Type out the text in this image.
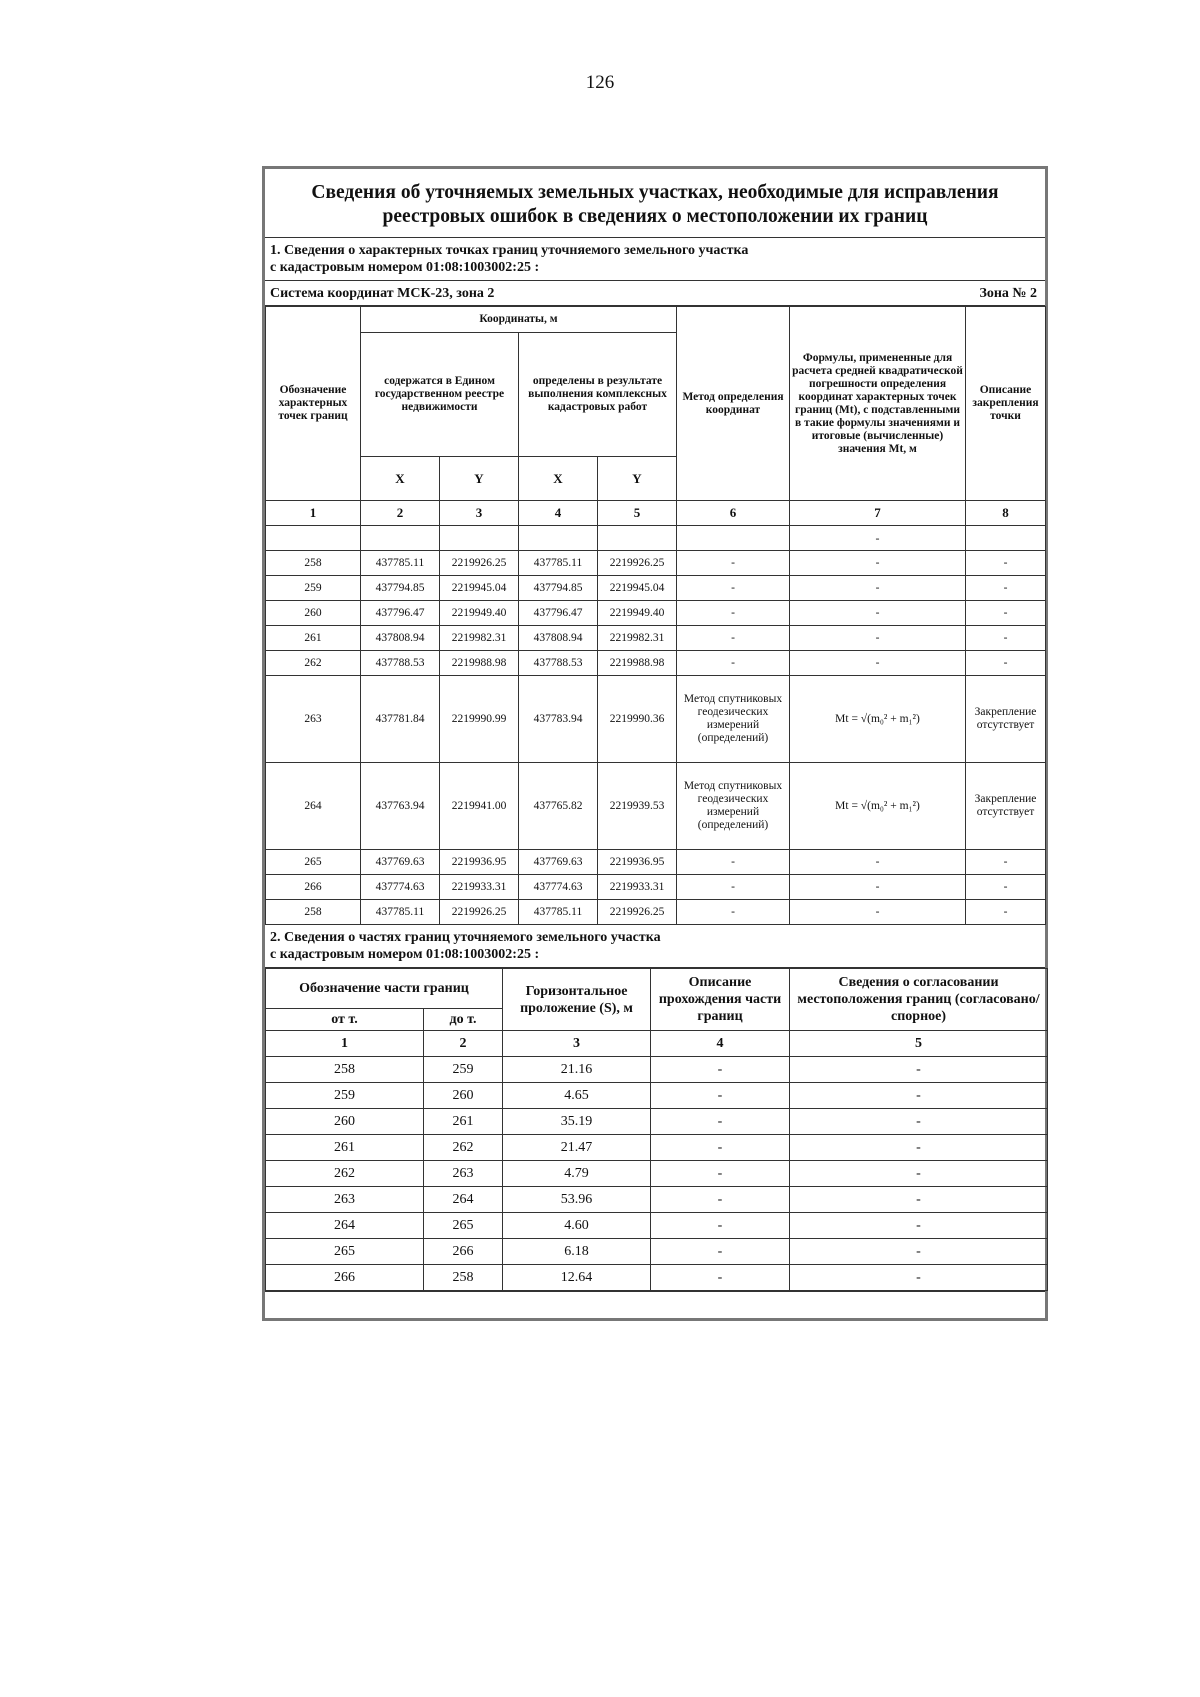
126
Сведения об уточняемых земельных участках, необходимые для исправления реестровых ошибок в сведениях о местоположении их границ
1. Сведения о характерных точках границ уточняемого земельного участка
с кадастровым номером 01:08:1003002:25 :
Система координат МСК-23, зона 2	Зона № 2
Обозначение характерных точек границ	Координаты, м				Метод определения координат	Формулы, примененные для расчета средней квадратической погрешности определения координат характерных точек границ (Mt), с подставленными в такие формулы значениями и итоговые (вычисленные) значения Mt, м	Описание закрепления точки
	содержатся в Едином государственном реестре недвижимости		определены в результате выполнения комплексных кадастровых работ				
	X	Y	X	Y			
1	2	3	4	5	6	7	8
						-	
258	437785.11	2219926.25	437785.11	2219926.25	-	-	-
259	437794.85	2219945.04	437794.85	2219945.04	-	-	-
260	437796.47	2219949.40	437796.47	2219949.40	-	-	-
261	437808.94	2219982.31	437808.94	2219982.31	-	-	-
262	437788.53	2219988.98	437788.53	2219988.98	-	-	-
263	437781.84	2219990.99	437783.94	2219990.36	Метод спутниковых геодезических измерений (определений)	Mt = √(m₀² + m₁²)	Закрепление отсутствует
264	437763.94	2219941.00	437765.82	2219939.53	Метод спутниковых геодезических измерений (определений)	Mt = √(m₀² + m₁²)	Закрепление отсутствует
265	437769.63	2219936.95	437769.63	2219936.95	-	-	-
266	437774.63	2219933.31	437774.63	2219933.31	-	-	-
258	437785.11	2219926.25	437785.11	2219926.25	-	-	-
2. Сведения о частях границ уточняемого земельного участка
с кадастровым номером 01:08:1003002:25 :
Обозначение части границ		Горизонтальное проложение (S), м	Описание прохождения части границ	Сведения о согласовании местоположения границ (согласовано/спорное)
от т.	до т.			
1	2	3	4	5
258	259	21.16	-	-
259	260	4.65	-	-
260	261	35.19	-	-
261	262	21.47	-	-
262	263	4.79	-	-
263	264	53.96	-	-
264	265	4.60	-	-
265	266	6.18	-	-
266	258	12.64	-	-
